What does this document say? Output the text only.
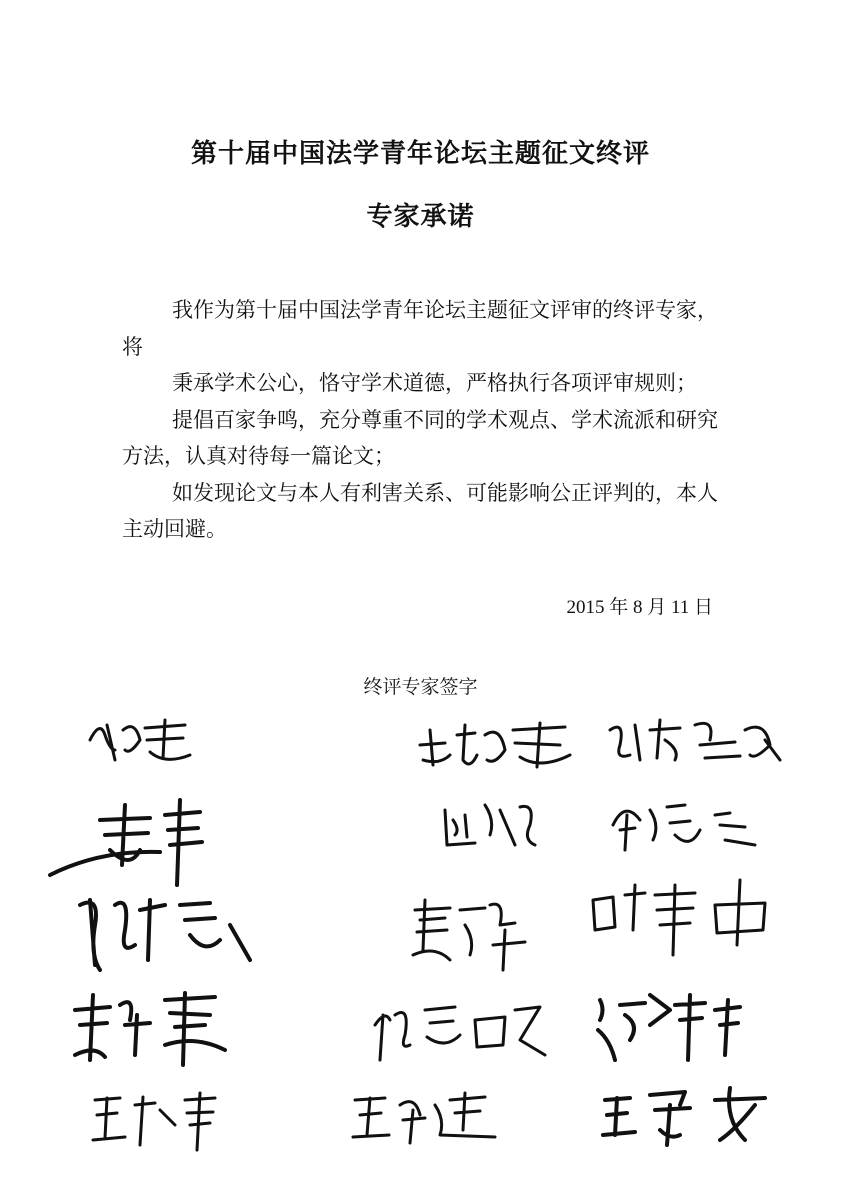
第十届中国法学青年论坛主题征文终评
专家承诺

我作为第十届中国法学青年论坛主题征文评审的终评专家，将

秉承学术公心，恪守学术道德，严格执行各项评审规则；

提倡百家争鸣，充分尊重不同的学术观点、学术流派和研究方法，认真对待每一篇论文；

如发现论文与本人有利害关系、可能影响公正评判的，本人主动回避。

2015 年 8 月 11 日
终评专家签字
